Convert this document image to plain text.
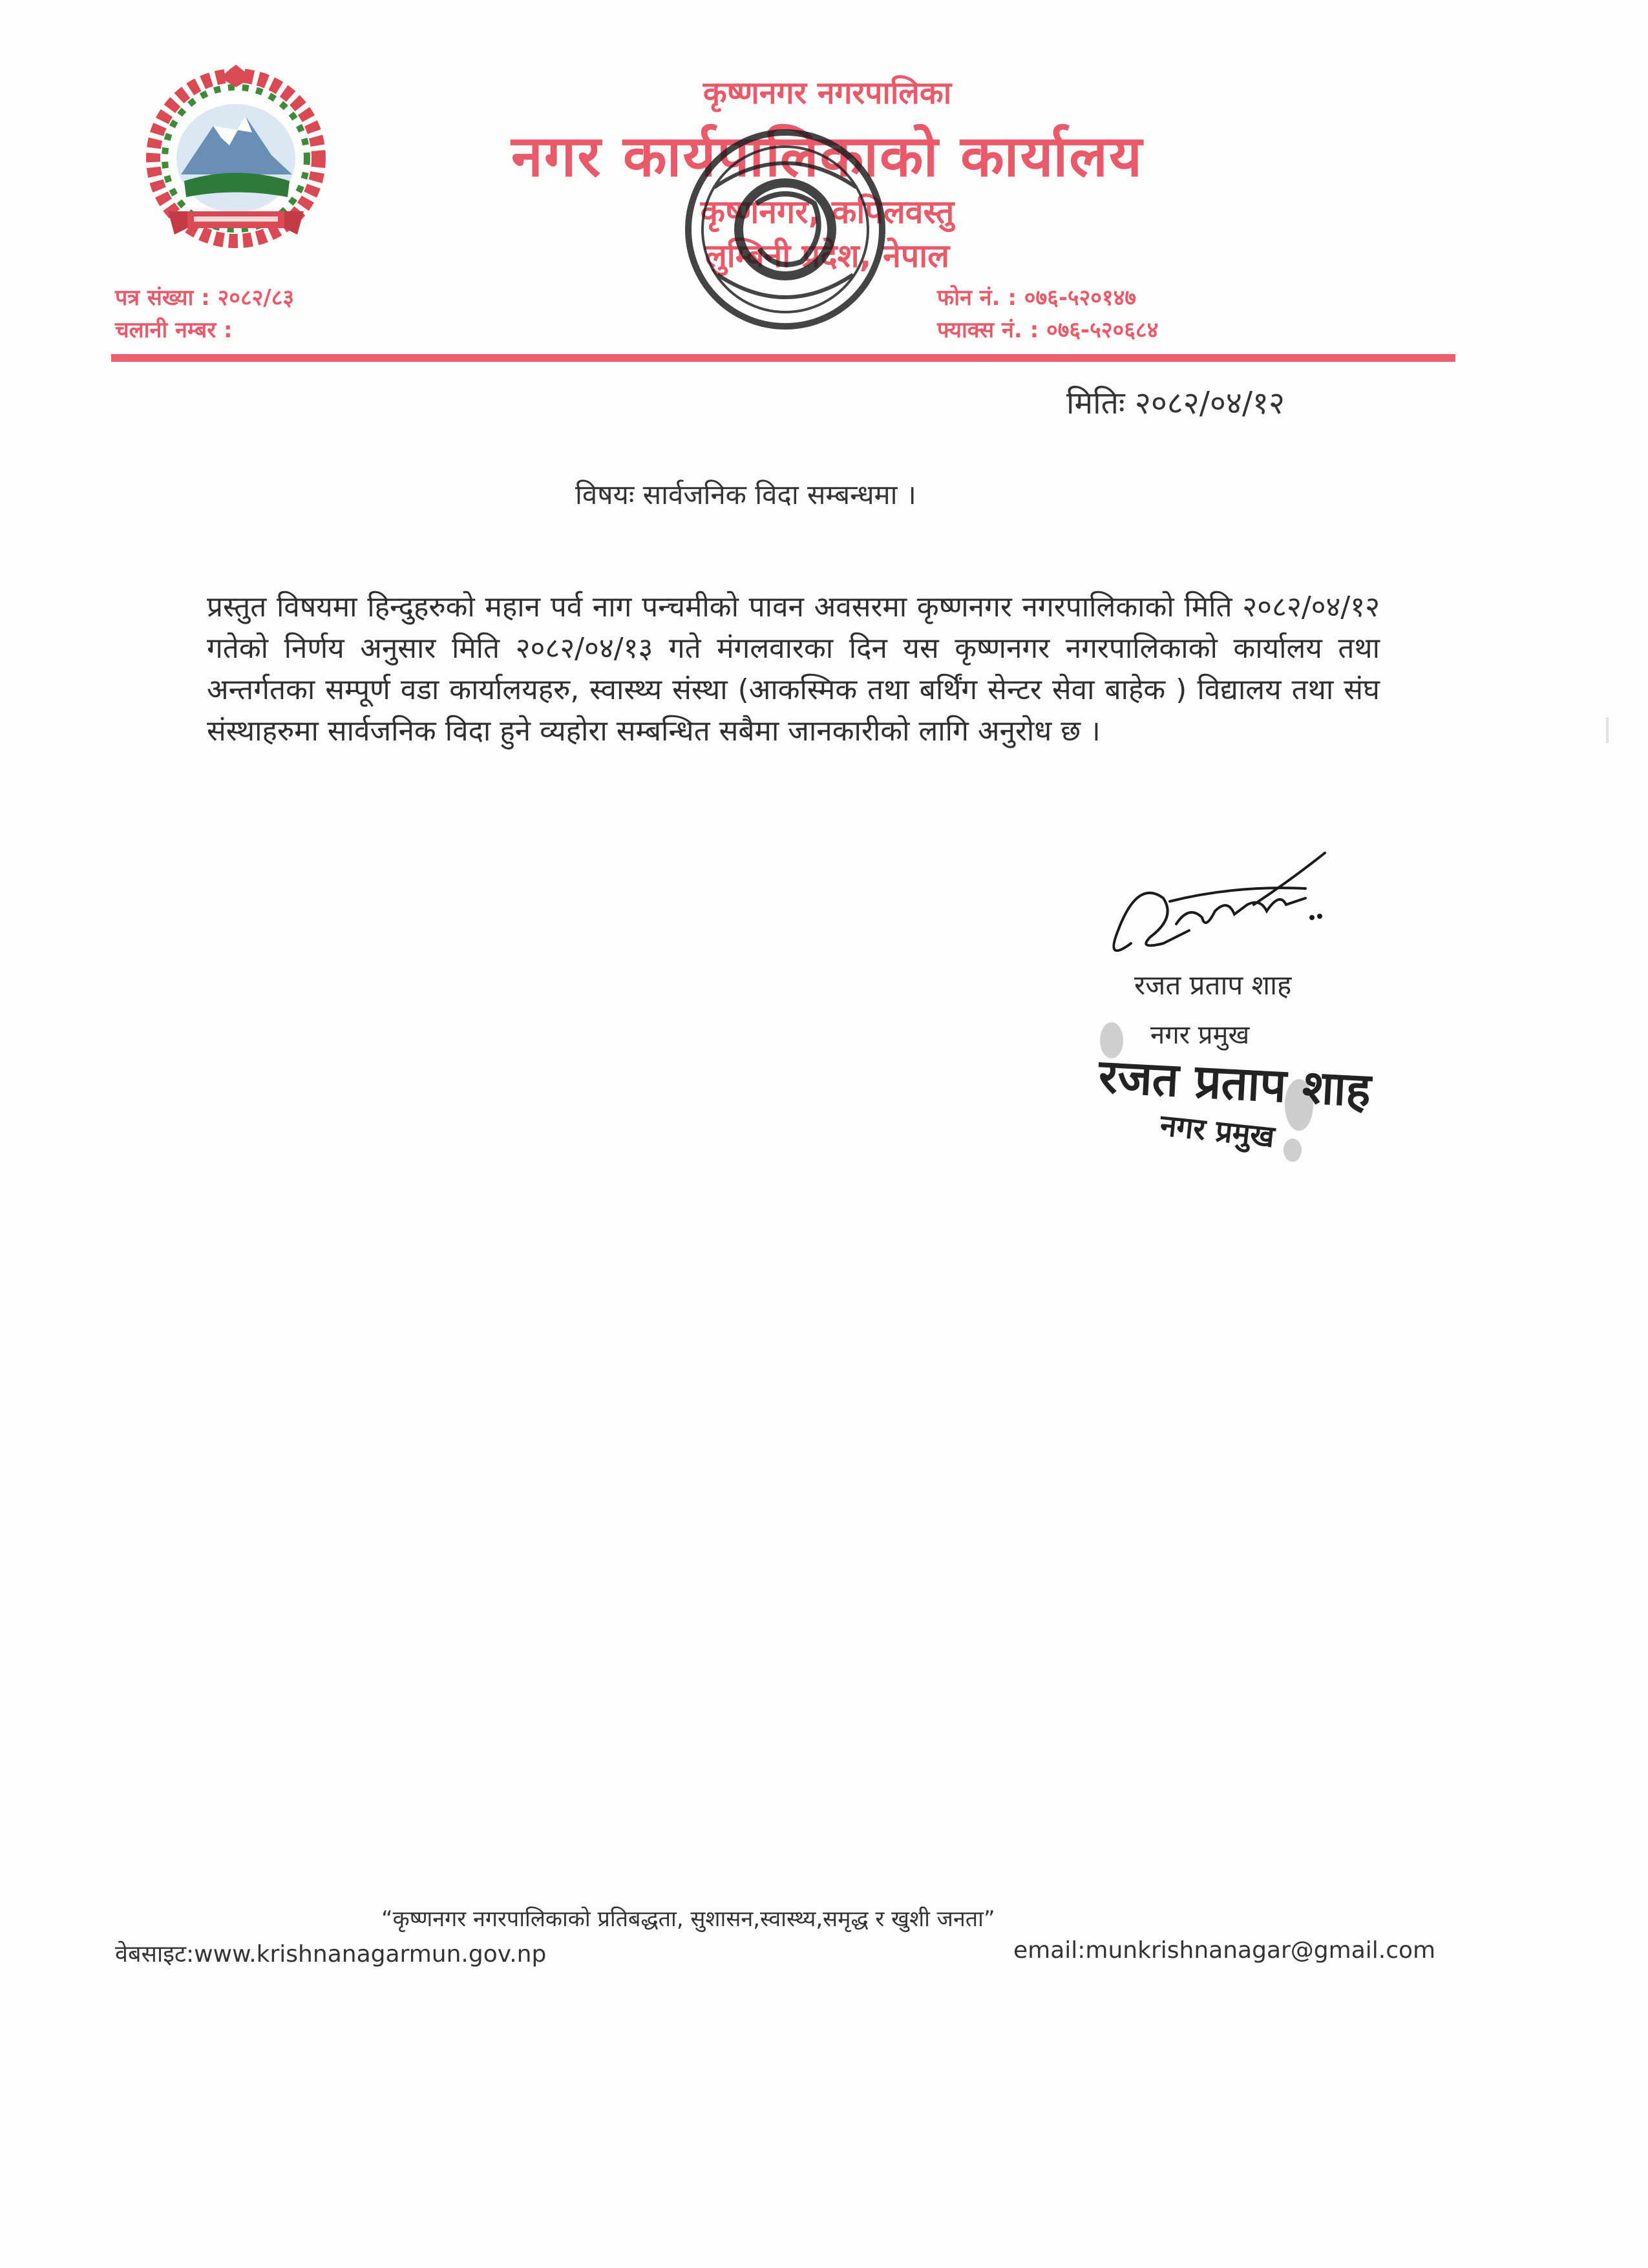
कृष्णनगर नगरपालिका
नगर कार्यपालिकाको कार्यालय
कृष्णनगर, कपिलवस्तु
लुम्बिनी प्रदेश, नेपाल
पत्र संख्या : २०८२/८३
चलानी नम्बर :
फोन नं. : ०७६-५२०१४७
फ्याक्स नं. : ०७६-५२०६८४
मितिः २०८२/०४/१२
विषयः सार्वजनिक विदा सम्बन्धमा ।
प्रस्तुत विषयमा हिन्दुहरुको महान पर्व नाग पन्चमीको पावन अवसरमा कृष्णनगर नगरपालिकाको मिति २०८२/०४/१२ गतेको निर्णय अनुसार मिति २०८२/०४/१३ गते मंगलवारका दिन यस कृष्णनगर नगरपालिकाको कार्यालय तथा अन्तर्गतका सम्पूर्ण वडा कार्यालयहरु, स्वास्थ्य संस्था (आकस्मिक तथा बर्थिंग सेन्टर सेवा बाहेक ) विद्यालय तथा संघ संस्थाहरुमा सार्वजनिक विदा हुने व्यहोरा सम्बन्धित सबैमा जानकारीको लागि अनुरोध छ ।
रजत प्रताप शाह
नगर प्रमुख
रजत प्रताप शाह
नगर प्रमुख
“कृष्णनगर नगरपालिकाको प्रतिबद्धता, सुशासन,स्वास्थ्य,समृद्ध र खुशी जनता”
वेबसाइट:www.krishnanagarmun.gov.np	email:munkrishnanagar@gmail.com
